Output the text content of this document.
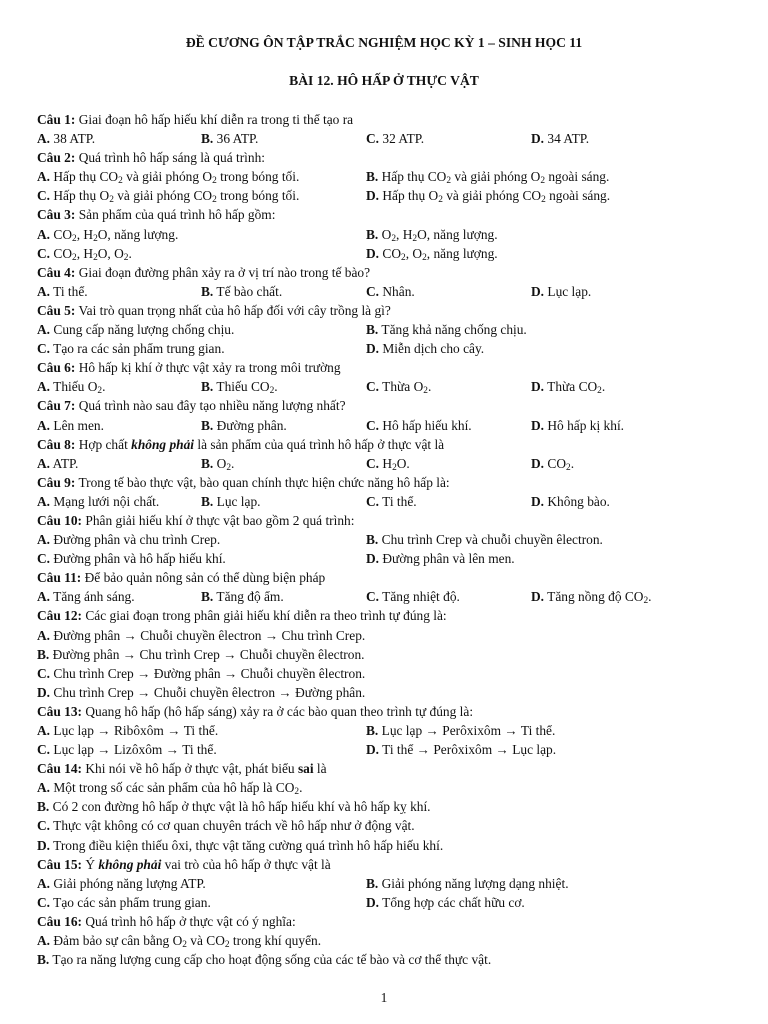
ĐỀ CƯƠNG ÔN TẬP TRẮC NGHIỆM HỌC KỲ 1 – SINH HỌC 11
BÀI 12. HÔ HẤP Ở THỰC VẬT
Câu 1: Giai đoạn hô hấp hiếu khí diễn ra trong ti thể tạo ra
A. 38 ATP.	B. 36 ATP.	C. 32 ATP.	D. 34 ATP.
Câu 2: Quá trình hô hấp sáng là quá trình:
A. Hấp thụ $CO_2$ và giải phóng $O_2$ trong bóng tối.	B. Hấp thụ $CO_2$ và giải phóng $O_2$ ngoài sáng.
C. Hấp thụ $O_2$ và giải phóng $CO_2$ trong bóng tối.	D. Hấp thụ $O_2$ và giải phóng $CO_2$ ngoài sáng.
Câu 3: Sản phẩm của quá trình hô hấp gồm:
A. $CO_2$, $H_2O$, năng lượng.	B. $O_2$, $H_2O$, năng lượng.
C. $CO_2$, $H_2O$, $O_2$.	D. $CO_2$, $O_2$, năng lượng.
Câu 4: Giai đoạn đường phân xảy ra ở vị trí nào trong tế bào?
A. Ti thể.	B. Tế bào chất.	C. Nhân.	D. Lục lạp.
Câu 5: Vai trò quan trọng nhất của hô hấp đối với cây trồng là gì?
A. Cung cấp năng lượng chống chịu.	B. Tăng khả năng chống chịu.
C. Tạo ra các sản phẩm trung gian.	D. Miễn dịch cho cây.
Câu 6: Hô hấp kị khí ở thực vật xảy ra trong môi trường
A. Thiếu $O_2$.	B. Thiếu $CO_2$.	C. Thừa $O_2$.	D. Thừa $CO_2$.
Câu 7: Quá trình nào sau đây tạo nhiều năng lượng nhất?
A. Lên men.	B. Đường phân.	C. Hô hấp hiếu khí.	D. Hô hấp kị khí.
Câu 8: Hợp chất không phải là sản phẩm của quá trình hô hấp ở thực vật là
A. ATP.	B. $O_2$.	C. $H_2O$.	D. $CO_2$.
Câu 9: Trong tế bào thực vật, bào quan chính thực hiện chức năng hô hấp là:
A. Mạng lưới nội chất.	B. Lục lạp.	C. Ti thể.	D. Không bào.
Câu 10: Phân giải hiếu khí ở thực vật bao gồm 2 quá trình:
A. Đường phân và chu trình Crep.	B. Chu trình Crep và chuỗi chuyền êlectron.
C. Đường phân và hô hấp hiếu khí.	D. Đường phân và lên men.
Câu 11: Để bảo quản nông sản có thể dùng biện pháp
A. Tăng ánh sáng.	B. Tăng độ ẩm.	C. Tăng nhiệt độ.	D. Tăng nồng độ $CO_2$.
Câu 12: Các giai đoạn trong phân giải hiếu khí diễn ra theo trình tự đúng là:
A. Đường phân → Chuỗi chuyền êlectron → Chu trình Crep.
B. Đường phân → Chu trình Crep → Chuỗi chuyền êlectron.
C. Chu trình Crep → Đường phân → Chuỗi chuyền êlectron.
D. Chu trình Crep → Chuỗi chuyền êlectron → Đường phân.
Câu 13: Quang hô hấp (hô hấp sáng) xảy ra ở các bào quan theo trình tự đúng là:
A. Lục lạp → Ribôxôm → Ti thể.	B. Lục lạp → Perôxixôm → Ti thể.
C. Lục lạp → Lizôxôm → Ti thể.	D. Ti thể → Perôxixôm → Lục lạp.
Câu 14: Khi nói về hô hấp ở thực vật, phát biểu sai là
A. Một trong số các sản phẩm của hô hấp là $CO_2$.
B. Có 2 con đường hô hấp ở thực vật là hô hấp hiếu khí và hô hấp kỵ khí.
C. Thực vật không có cơ quan chuyên trách về hô hấp như ở động vật.
D. Trong điều kiện thiếu ôxi, thực vật tăng cường quá trình hô hấp hiếu khí.
Câu 15: Ý không phải vai trò của hô hấp ở thực vật là
A. Giải phóng năng lượng ATP.	B. Giải phóng năng lượng dạng nhiệt.
C. Tạo các sản phẩm trung gian.	D. Tổng hợp các chất hữu cơ.
Câu 16: Quá trình hô hấp ở thực vật có ý nghĩa:
A. Đảm bảo sự cân bằng $O_2$ và $CO_2$ trong khí quyển.
B. Tạo ra năng lượng cung cấp cho hoạt động sống của các tế bào và cơ thể thực vật.
1
